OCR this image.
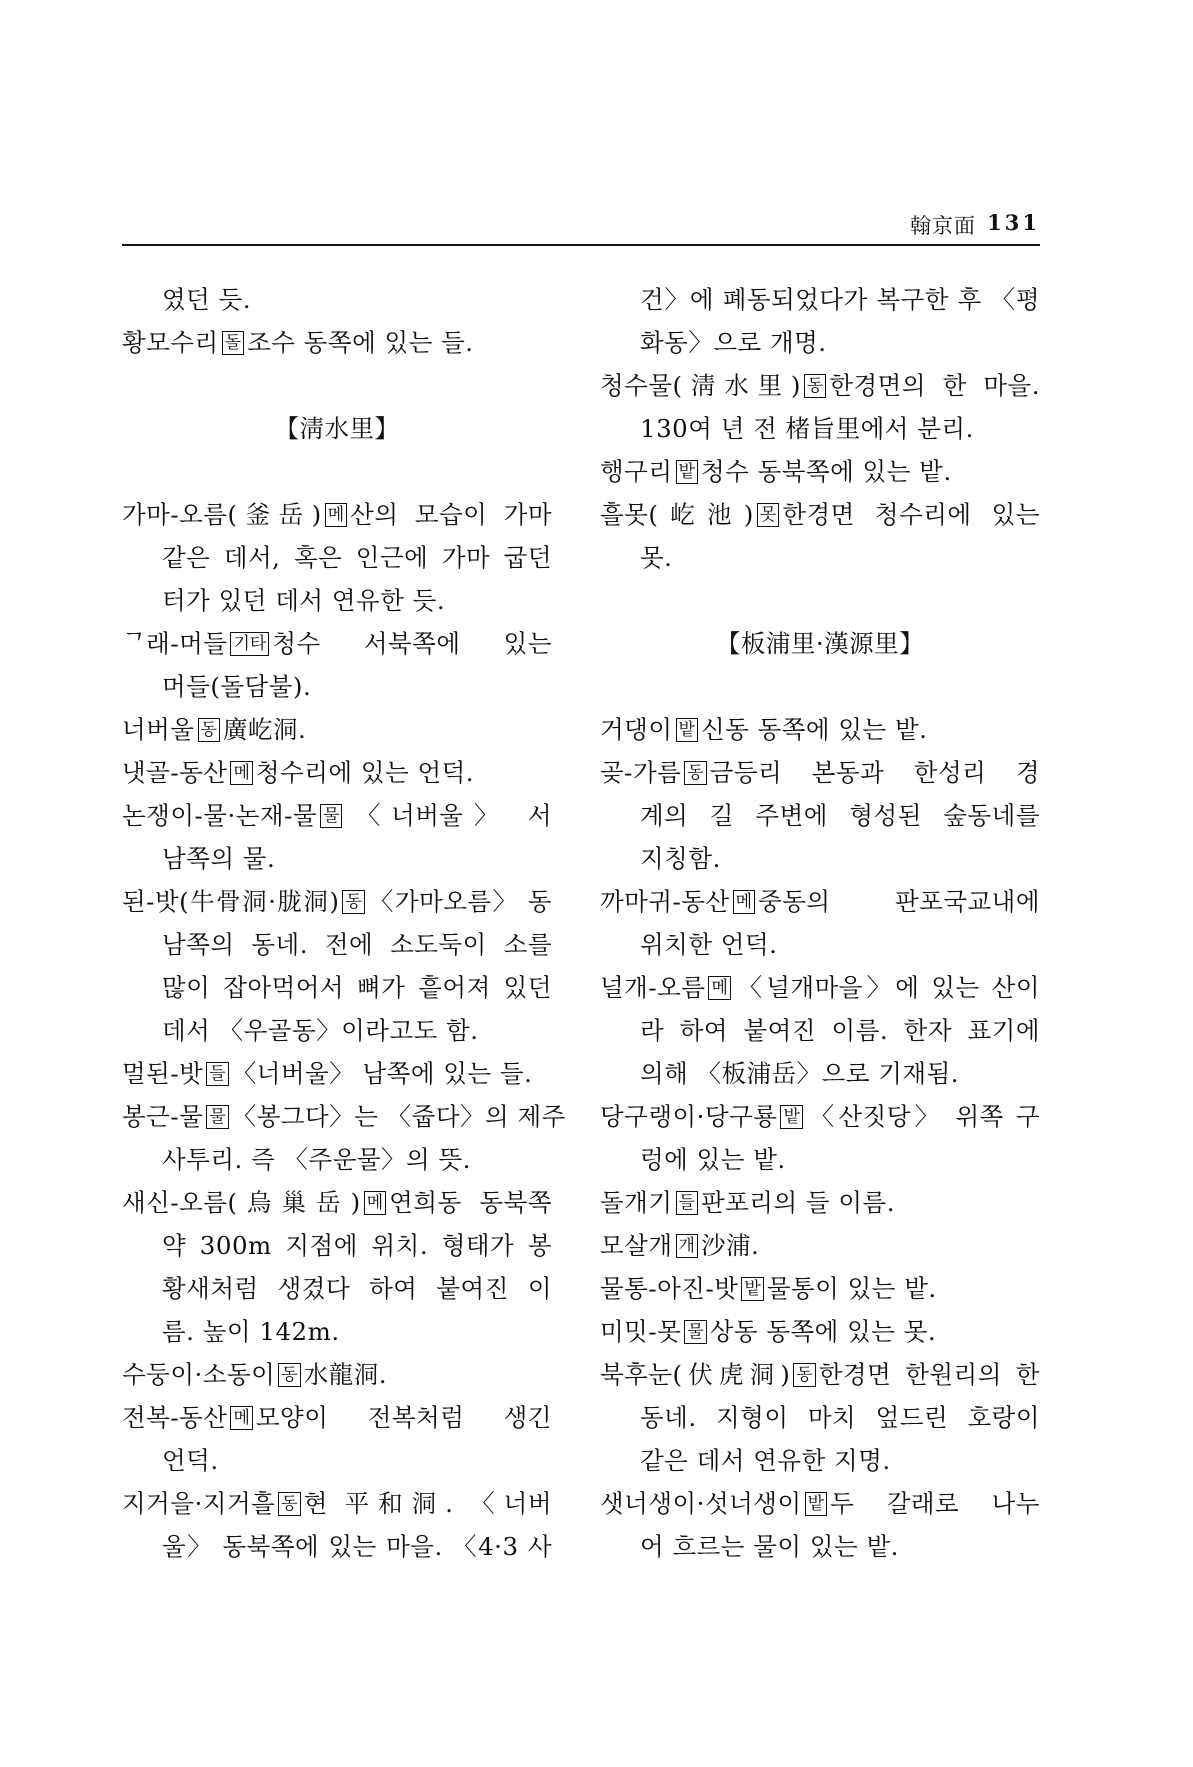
翰京面 131
였던 듯.
황모수리 돌 조수 동쪽에 있는 들.
【淸水里】
가마-오름(釜岳) 메 산의 모습이 가마
같은 데서, 혹은 인근에 가마 굽던
터가 있던 데서 연유한 듯.
ᄀ래-머들 기타 청수 서북쪽에 있는
머들(돌담불).
너버울 동 廣屹洞.
냇골-동산 메 청수리에 있는 언덕.
논쟁이-물·논재-물 물 〈너버울〉 서
남쪽의 물.
된-밧(牛骨洞·胧洞) 동 〈가마오름〉 동
남쪽의 동네. 전에 소도둑이 소를
많이 잡아먹어서 뼈가 흩어져 있던
데서 〈우골동〉이라고도 함.
멀된-밧 들 〈너버울〉 남쪽에 있는 들.
봉근-물 물 〈봉그다〉는 〈줍다〉의 제주
사투리. 즉 〈주운물〉의 뜻.
새신-오름(烏巢岳) 메 연희동 동북쪽
약 300m 지점에 위치. 형태가 봉
황새처럼 생겼다 하여 붙여진 이
름. 높이 142m.
수둥이·소동이 동 水龍洞.
전복-동산 메 모양이 전복처럼 생긴
언덕.
지거을·지거흘 동 현 平和洞. 〈너버
울〉 동북쪽에 있는 마을. 〈4·3 사
건〉에 폐동되었다가 복구한 후 〈평
화동〉으로 개명.
청수물(淸水里) 동 한경면의 한 마을.
130여 년 전 楮旨里에서 분리.
행구리 밭 청수 동북쪽에 있는 밭.
흘못(屹池) 못 한경면 청수리에 있는
못.
【板浦里·漢源里】
거댕이 밭 신동 동쪽에 있는 밭.
곶-가름 동 금등리 본동과 한성리 경
계의 길 주변에 형성된 숲동네를
지칭함.
까마귀-동산 메 중동의 판포국교내에
위치한 언덕.
널개-오름 메 〈널개마을〉에 있는 산이
라 하여 붙여진 이름. 한자 표기에
의해 〈板浦岳〉으로 기재됨.
당구랭이·당구룡 밭 〈산짓당〉 위쪽 구
렁에 있는 밭.
돌개기 들 판포리의 들 이름.
모살개 개 沙浦.
물통-아진-밧 밭 물통이 있는 밭.
미밋-못 물 상동 동쪽에 있는 못.
북후눈(伏虎洞) 동 한경면 한원리의 한
동네. 지형이 마치 엎드린 호랑이
같은 데서 연유한 지명.
샛너생이·섯너생이 밭 두 갈래로 나누
어 흐르는 물이 있는 밭.
